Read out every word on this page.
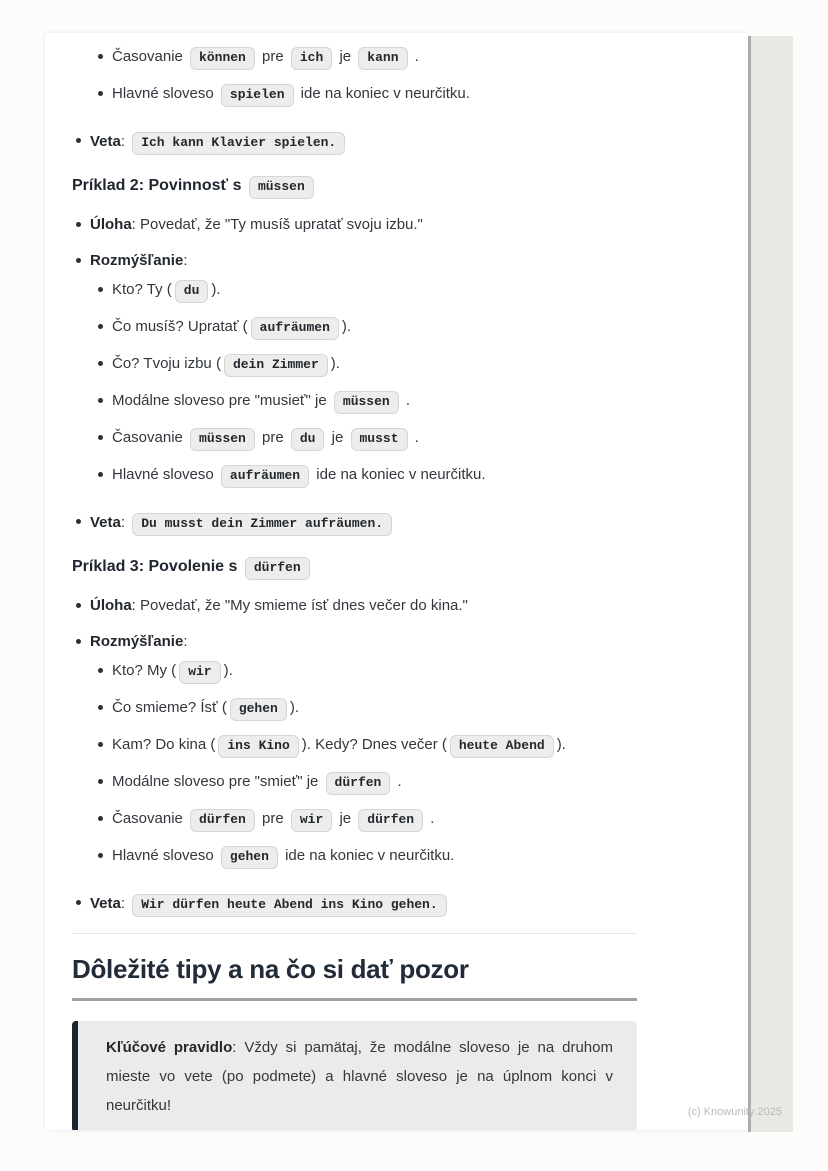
Časovanie können pre ich je kann .
Hlavné sloveso spielen ide na koniec v neurčitku.
Veta: Ich kann Klavier spielen.
Príklad 2: Povinnosť s müssen
Úloha: Povedať, že "Ty musíš upratať svoju izbu."
Rozmýšľanie:
Kto? Ty ( du ).
Čo musíš? Upratať ( aufräumen ).
Čo? Tvoju izbu ( dein Zimmer ).
Modálne sloveso pre "musieť" je müssen .
Časovanie müssen pre du je musst .
Hlavné sloveso aufräumen ide na koniec v neurčitku.
Veta: Du musst dein Zimmer aufräumen.
Príklad 3: Povolenie s dürfen
Úloha: Povedať, že "My smieme ísť dnes večer do kina."
Rozmýšľanie:
Kto? My ( wir ).
Čo smieme? Ísť ( gehen ).
Kam? Do kina ( ins Kino ). Kedy? Dnes večer ( heute Abend ).
Modálne sloveso pre "smieť" je dürfen .
Časovanie dürfen pre wir je dürfen .
Hlavné sloveso gehen ide na koniec v neurčitku.
Veta: Wir dürfen heute Abend ins Kino gehen.
Dôležité tipy a na čo si dať pozor
Kľúčové pravidlo: Vždy si pamätaj, že modálne sloveso je na druhom mieste vo vete (po podmete) a hlavné sloveso je na úplnom konci v neurčitku!	(c) Knowunity 2025
